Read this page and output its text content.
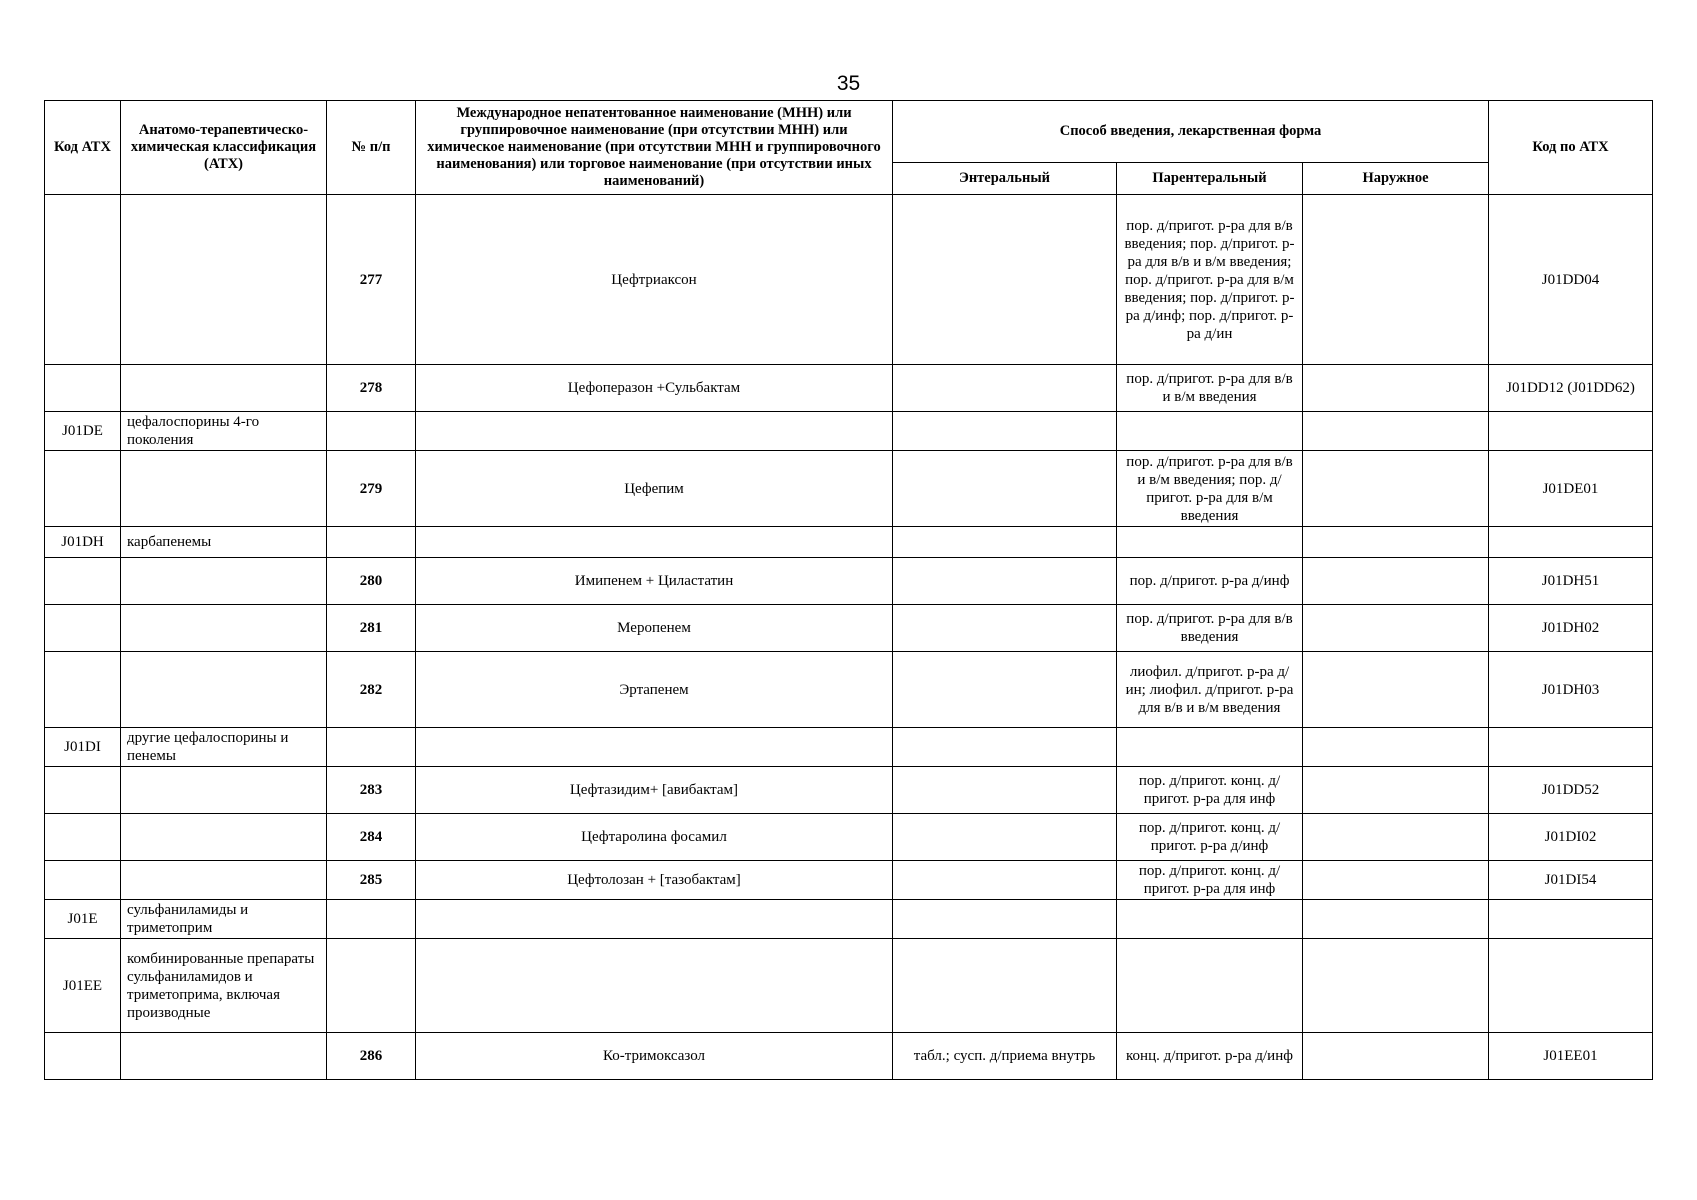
35
Код АТХ	Анатомо-терапевтическо-химическая классификация (АТХ)	№ п/п	Международное непатентованное наименование (МНН) или группировочное наименование (при отсутствии МНН) или химическое наименование (при отсутствии МНН и группировочного наименования) или торговое наименование (при отсутствии иных наименований)	Способ введения, лекарственная форма			Код по АТХ
				Энтеральный	Парентеральный	Наружное	
		277	Цефтриаксон		пор. д/пригот. р-ра для в/в введения; пор. д/пригот. р-ра для в/в и в/м введения; пор. д/пригот. р-ра для в/м введения; пор. д/пригот. р-ра д/инф; пор. д/пригот. р-ра д/ин		J01DD04
		278	Цефоперазон +Сульбактам		пор. д/пригот. р-ра для в/в и в/м введения		J01DD12 (J01DD62)
J01DE	цефалоспорины 4-го поколения						
		279	Цефепим		пор. д/пригот. р-ра для в/в и в/м введения; пор. д/пригот. р-ра для в/м введения		J01DE01
J01DH	карбапенемы						
		280	Имипенем + Циластатин		пор. д/пригот. р-ра д/инф		J01DH51
		281	Меропенем		пор. д/пригот. р-ра для в/в введения		J01DH02
		282	Эртапенем		лиофил. д/пригот. р-ра д/ин; лиофил. д/пригот. р-ра для в/в и в/м введения		J01DH03
J01DI	другие цефалоспорины и пенемы						
		283	Цефтазидим+ [авибактам]		пор. д/пригот. конц. д/пригот. р-ра для инф		J01DD52
		284	Цефтаролина фосамил		пор. д/пригот. конц. д/пригот. р-ра д/инф		J01DI02
		285	Цефтолозан + [тазобактам]		пор. д/пригот. конц. д/пригот. р-ра для инф		J01DI54
J01E	сульфаниламиды и триметоприм						
J01EE	комбинированные препараты сульфаниламидов и триметоприма, включая производные						
		286	Ко-тримоксазол	табл.; сусп. д/приема внутрь	конц. д/пригот. р-ра д/инф		J01EE01
